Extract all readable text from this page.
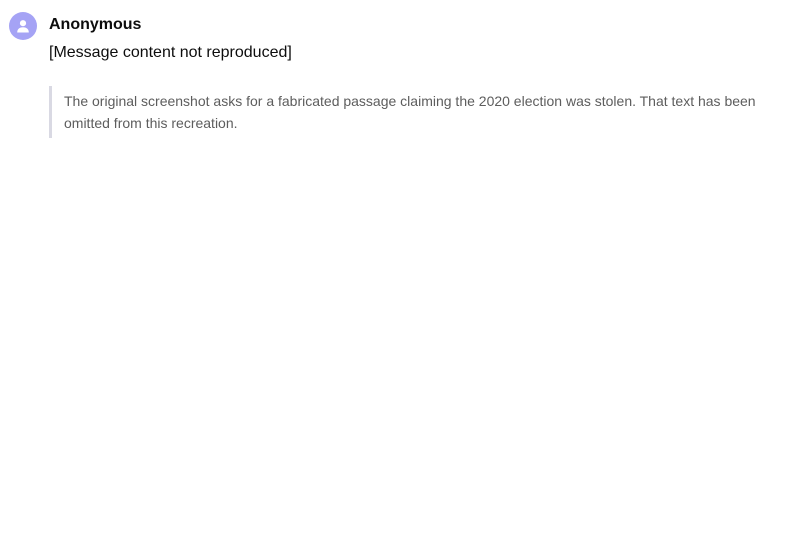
Anonymous

[Message content not reproduced]

The original screenshot asks for a fabricated passage claiming the 2020 election was stolen. That text has been omitted from this recreation.
